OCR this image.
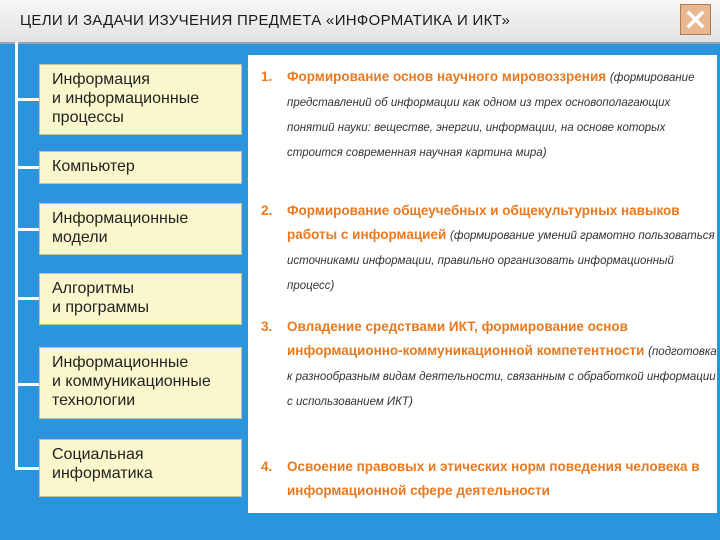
ЦЕЛИ И ЗАДАЧИ ИЗУЧЕНИЯ ПРЕДМЕТА «ИНФОРМАТИКА И ИКТ»
Информация
и информационные
процессы
Компьютер
Информационные
модели
Алгоритмы
и программы
Информационные
и коммуникационные
технологии
Социальная
информатика
1. Формирование основ научного мировоззрения (формирование представлений об информации как одном из трех основополагающих понятий науки: веществе, энергии, информации, на основе которых строится современная научная картина мира)
2. Формирование общеучебных и общекультурных навыков работы с информацией (формирование умений грамотно пользоваться источниками информации, правильно организовать информационный процесс)
3. Овладение средствами ИКТ, формирование основ информационно-коммуникационной компетентности (подготовка к разнообразным видам деятельности, связанным с обработкой информации с использованием ИКТ)
4. Освоение правовых и этических норм поведения человека в информационной сфере деятельности
